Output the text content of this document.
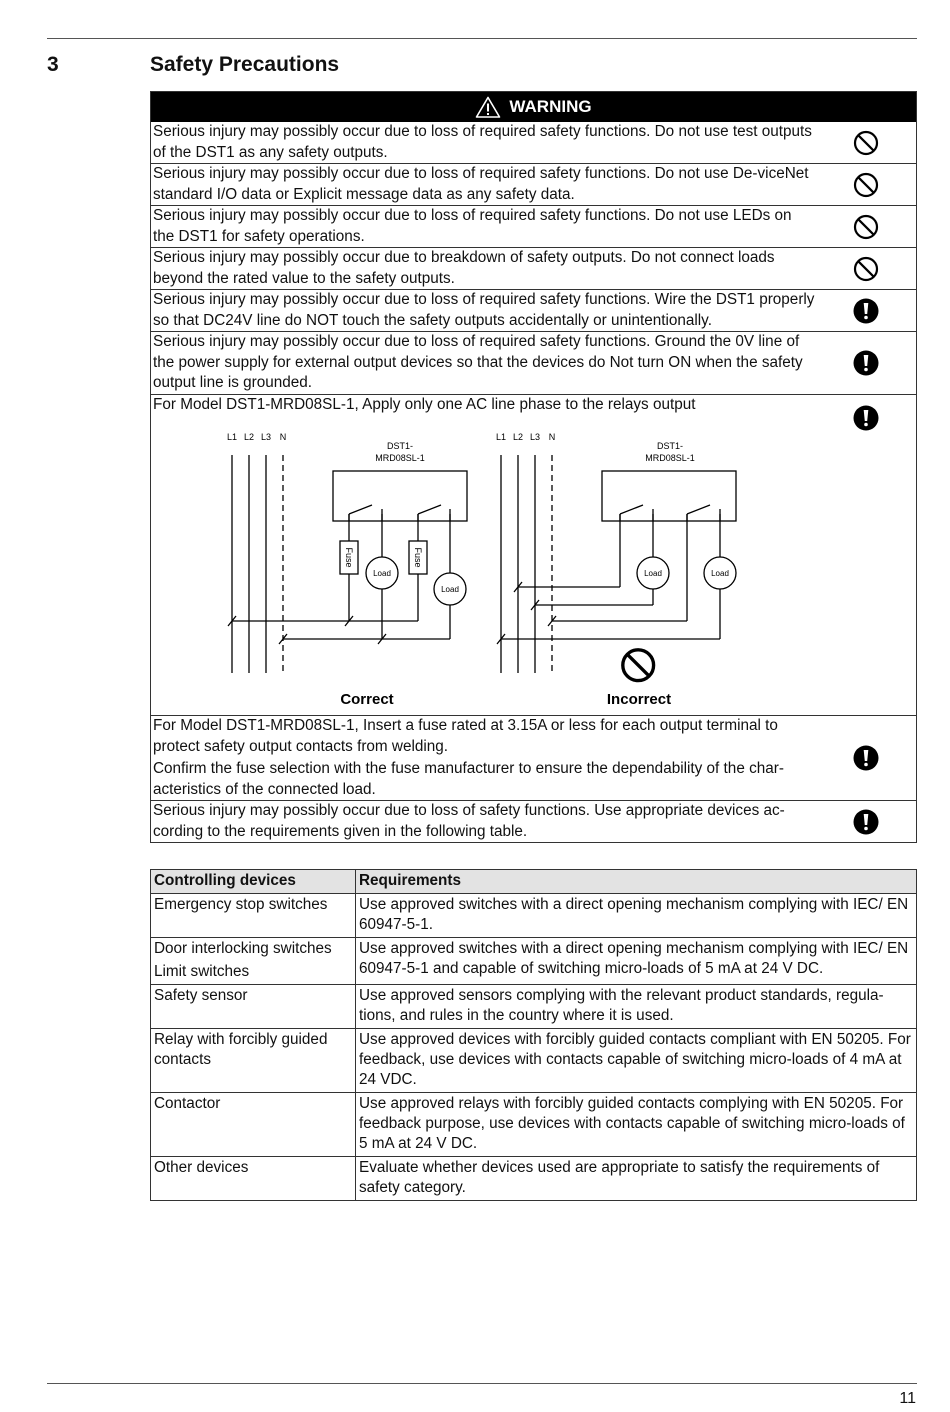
3	Safety Precautions
WARNING

Serious injury may possibly occur due to loss of required safety functions. Do not use test outputs of the DST1 as any safety outputs.

Serious injury may possibly occur due to loss of required safety functions. Do not use De-viceNet standard I/O data or Explicit message data as any safety data.

Serious injury may possibly occur due to loss of required safety functions. Do not use LEDs on the DST1 for safety operations.

Serious injury may possibly occur due to breakdown of safety outputs. Do not connect loads beyond the rated value to the safety outputs.

Serious injury may possibly occur due to loss of required safety functions. Wire the DST1 properly so that DC24V line do NOT touch the safety outputs accidentally or unintentionally.

Serious injury may possibly occur due to loss of required safety functions. Ground the 0V line of the power supply for external output devices so that the devices do Not turn ON when the safety output line is grounded.

For Model DST1-MRD08SL-1, Apply only one AC line phase to the relays output

L1 L2 L3 N
DST1-
MRD08SL-1
Fuse
Load
Fuse
Load
Correct
L1 L2 L3 N
DST1-
MRD08SL-1
Load	Load
Incorrect

For Model DST1-MRD08SL-1, Insert a fuse rated at 3.15A or less for each output terminal to protect safety output contacts from welding.

Confirm the fuse selection with the fuse manufacturer to ensure the dependability of the char-acteristics of the connected load.

Serious injury may possibly occur due to loss of safety functions. Use appropriate devices ac-cording to the requirements given in the following table.

Controlling devices	Requirements

Emergency stop switches	Use approved switches with a direct opening mechanism complying with IEC/ EN 60947-5-1.

Door interlocking switches
Limit switches	Use approved switches with a direct opening mechanism complying with IEC/ EN 60947-5-1 and capable of switching micro-loads of 5 mA at 24 V DC.

Safety sensor	Use approved sensors complying with the relevant product standards, regula-tions, and rules in the country where it is used.

Relay with forcibly guided contacts	Use approved devices with forcibly guided contacts compliant with EN 50205. For feedback, use devices with contacts capable of switching micro-loads of 4 mA at 24 VDC.

Contactor	Use approved relays with forcibly guided contacts complying with EN 50205. For feedback purpose, use devices with contacts capable of switching micro-loads of 5 mA at 24 V DC.

Other devices	Evaluate whether devices used are appropriate to satisfy the requirements of safety category.
11
